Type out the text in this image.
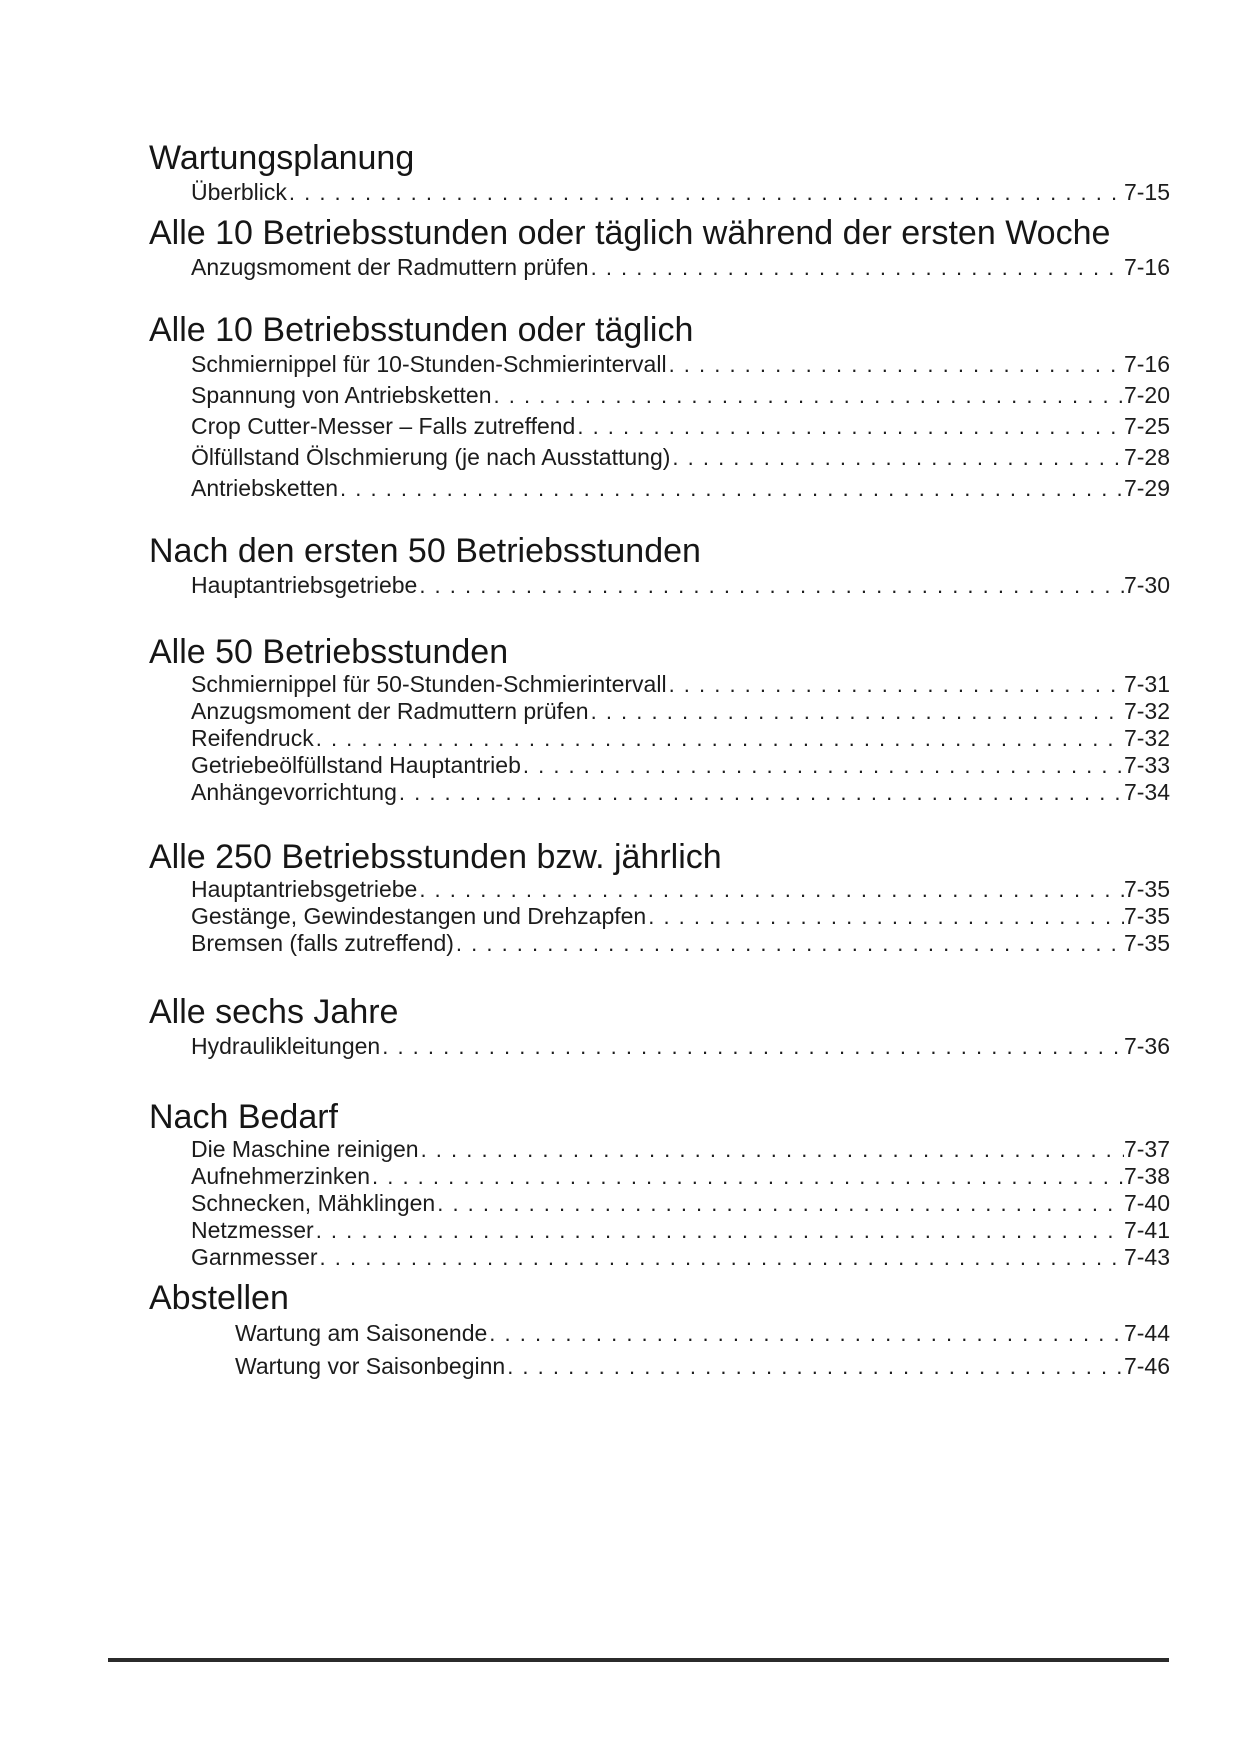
Wartungsplanung
Überblick . . .	7-15
Alle 10 Betriebsstunden oder täglich während der ersten Woche
Anzugsmoment der Radmuttern prüfen . . .	7-16
Alle 10 Betriebsstunden oder täglich
Schmiernippel für 10-Stunden-Schmierintervall . . .	7-16
Spannung von Antriebsketten . . .	7-20
Crop Cutter-Messer – Falls zutreffend . . .	7-25
Ölfüllstand Ölschmierung (je nach Ausstattung) . . .	7-28
Antriebsketten . . .	7-29
Nach den ersten 50 Betriebsstunden
Hauptantriebsgetriebe . . .	7-30
Alle 50 Betriebsstunden
Schmiernippel für 50-Stunden-Schmierintervall . . .	7-31
Anzugsmoment der Radmuttern prüfen . . .	7-32
Reifendruck . . .	7-32
Getriebeölfüllstand Hauptantrieb . . .	7-33
Anhängevorrichtung . . .	7-34
Alle 250 Betriebsstunden bzw. jährlich
Hauptantriebsgetriebe . . .	7-35
Gestänge, Gewindestangen und Drehzapfen . . .	7-35
Bremsen (falls zutreffend) . . .	7-35
Alle sechs Jahre
Hydraulikleitungen . . .	7-36
Nach Bedarf
Die Maschine reinigen . . .	7-37
Aufnehmerzinken . . .	7-38
Schnecken, Mähklingen . . .	7-40
Netzmesser . . .	7-41
Garnmesser . . .	7-43
Abstellen
Wartung am Saisonende . . .	7-44
Wartung vor Saisonbeginn . . .	7-46
